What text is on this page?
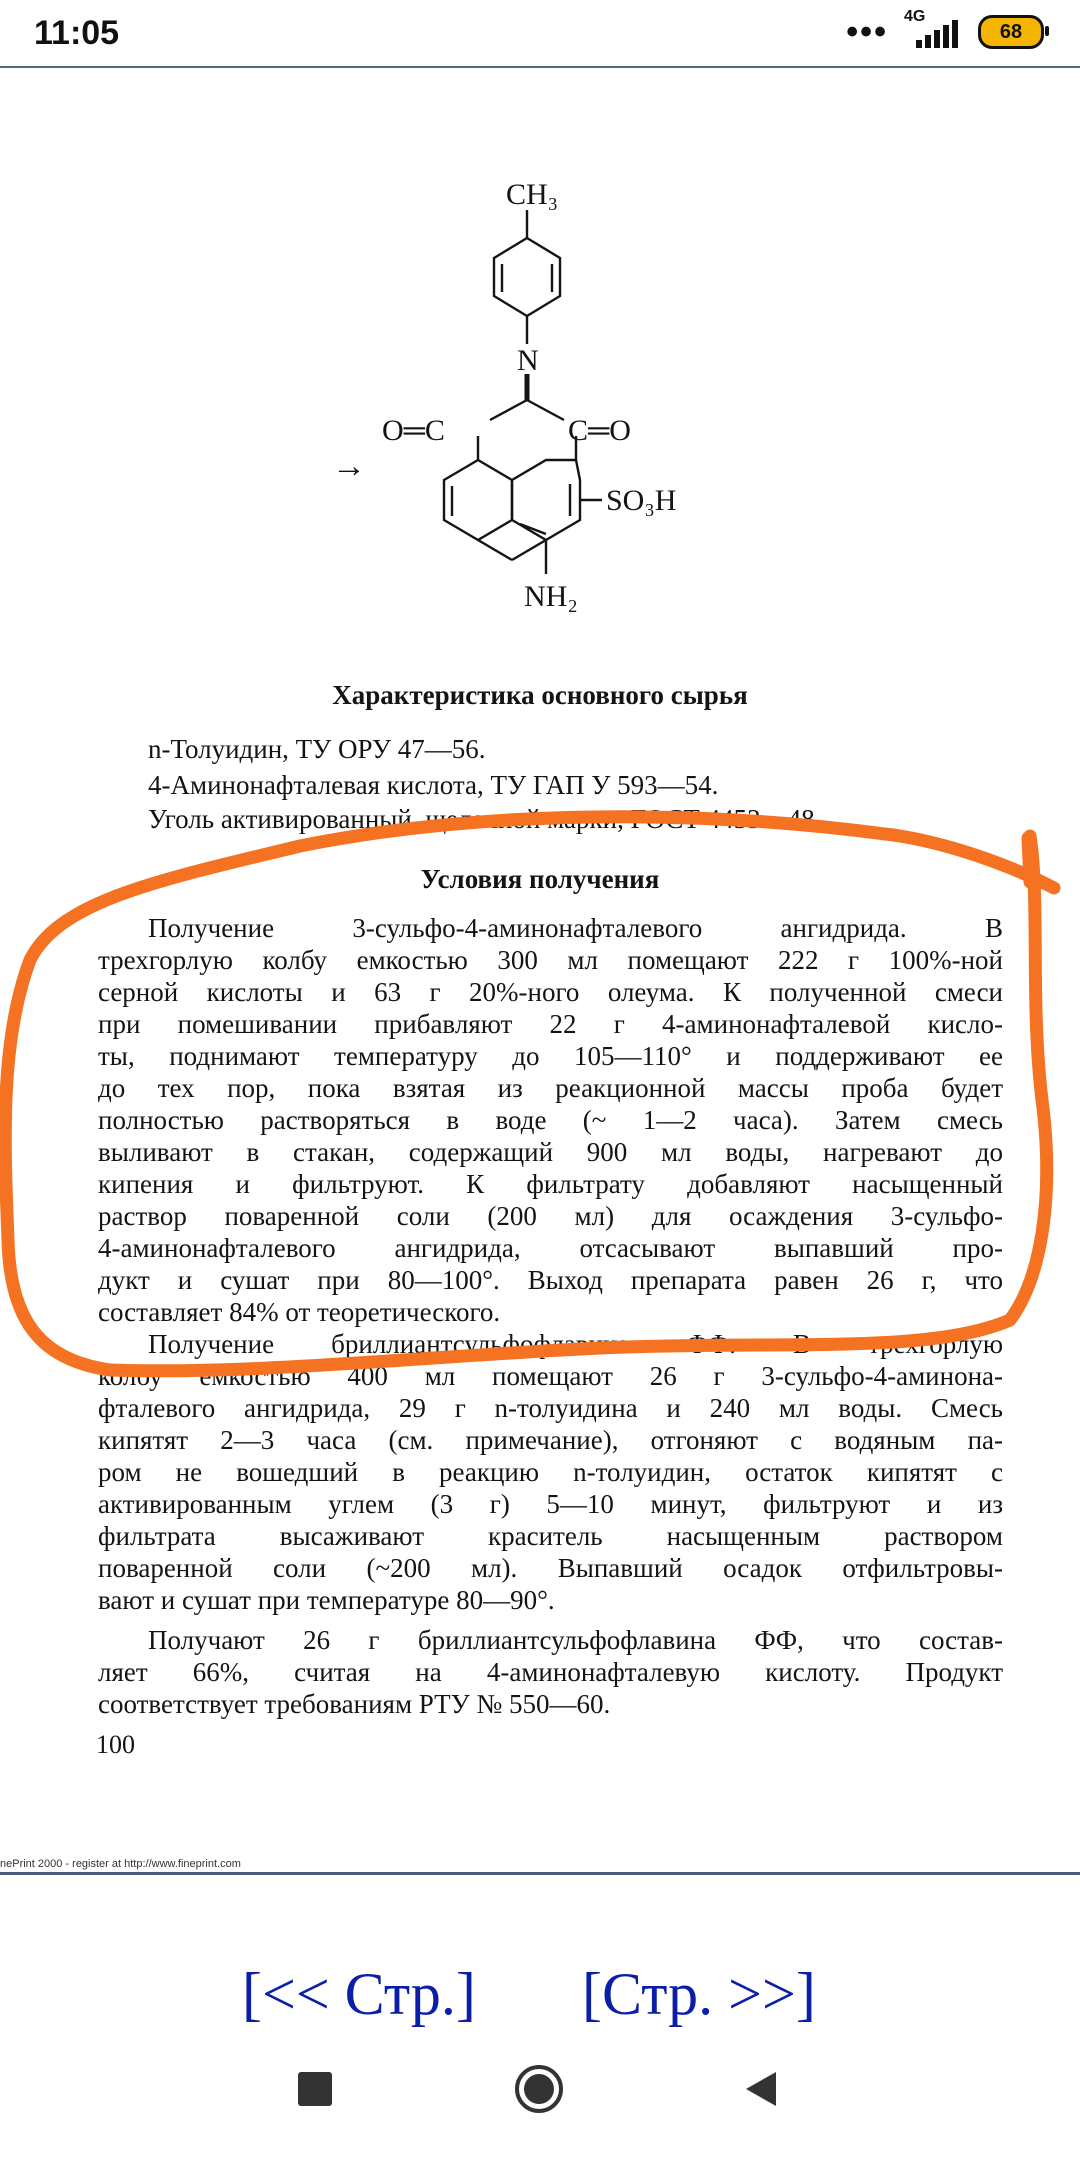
11:05	••• 4G
68
→
CH₃
N
O═C	C═O
SO₃H
NH₂
Характеристика основного сырья
n-Толуидин, ТУ ОРУ 47—56.
4-Аминонафталевая кислота, ТУ ГАП У 593—54.
Уголь активированный, щелочной марки, ГОСТ 4453—48.
Условия получения
Получение 3-сульфо-4-аминонафталевого ангидрида. В
трехгорлую колбу емкостью 300 мл помещают 222 г 100%-ной
серной кислоты и 63 г 20%-ного олеума. К полученной смеси
при помешивании прибавляют 22 г 4-аминонафталевой кисло-
ты, поднимают температуру до 105—110° и поддерживают ее
до тех пор, пока взятая из реакционной массы проба будет
полностью растворяться в воде (~ 1—2 часа). Затем смесь
выливают в стакан, содержащий 900 мл воды, нагревают до
кипения и фильтруют. К фильтрату добавляют насыщенный
раствор поваренной соли (200 мл) для осаждения 3-сульфо-
4-аминонафталевого ангидрида, отсасывают выпавший про-
дукт и сушат при 80—100°. Выход препарата равен 26 г, что
составляет 84% от теоретического.
Получение бриллиантсульфофлавина ФФ. В трехгорлую
колбу емкостью 400 мл помещают 26 г 3-сульфо-4-аминона-
фталевого ангидрида, 29 г n-толуидина и 240 мл воды. Смесь
кипятят 2—3 часа (см. примечание), отгоняют с водяным па-
ром не вошедший в реакцию n-толуидин, остаток кипятят с
активированным углем (3 г) 5—10 минут, фильтруют и из
фильтрата высаживают краситель насыщенным раствором
поваренной соли (~200 мл). Выпавший осадок отфильтровы-
вают и сушат при температуре 80—90°.
Получают 26 г бриллиантсульфофлавина ФФ, что состав-
ляет 66%, считая на 4-аминонафталевую кислоту. Продукт
соответствует требованиям РТУ № 550—60.
100
nePrint 2000 - register at http://www.fineprint.com
[<< Стр.] [Стр. >>]
